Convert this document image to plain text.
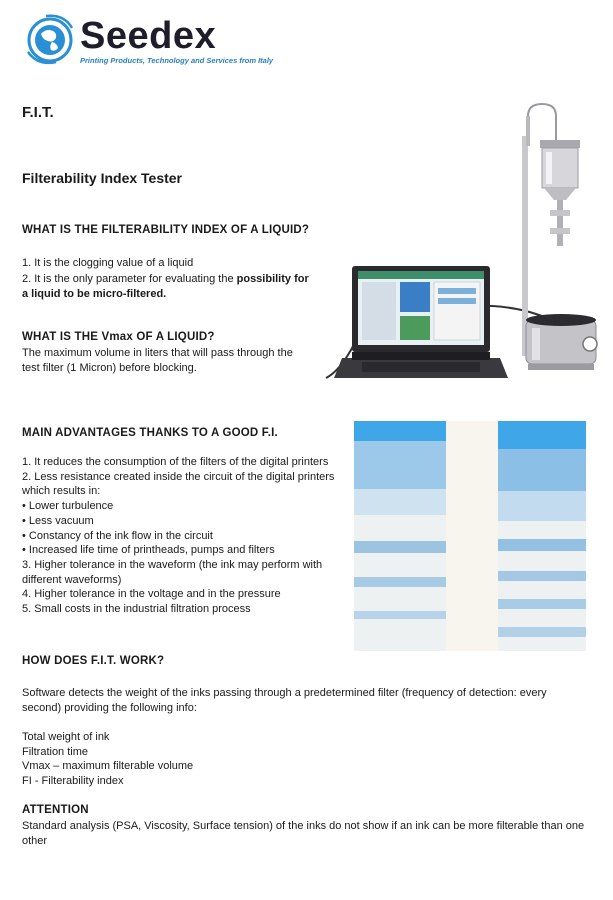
Seedex
Printing Products, Technology and Services from Italy
F.I.T.
Filterability Index Tester
WHAT IS THE FILTERABILITY INDEX OF A LIQUID?

1. It is the clogging value of a liquid

2. It is the only parameter for evaluating the possibility for
a liquid to be micro-filtered.

WHAT IS THE Vmax OF A LIQUID?

The maximum volume in liters that will pass through the

test filter (1 Micron) before blocking.

MAIN ADVANTAGES THANKS TO A GOOD F.I.
1. It reduces the consumption of the filters of the digital printers
2. Less resistance created inside the circuit of the digital printers
which results in:
• Lower turbulence
• Less vacuum
• Constancy of the ink flow in the circuit
• Increased life time of printheads, pumps and filters
3. Higher tolerance in the waveform (the ink may perform with
different waveforms)
4. Higher tolerance in the voltage and in the pressure
5. Small costs in the industrial filtration process
HOW DOES F.I.T. WORK?

Software detects the weight of the inks passing through a predetermined filter (frequency of detection: every

second) providing the following info:

Total weight of ink
Filtration time
Vmax – maximum filterable volume
FI - Filterability index
ATTENTION

Standard analysis (PSA, Viscosity, Surface tension) of the inks do not show if an ink can be more filterable than one

other
